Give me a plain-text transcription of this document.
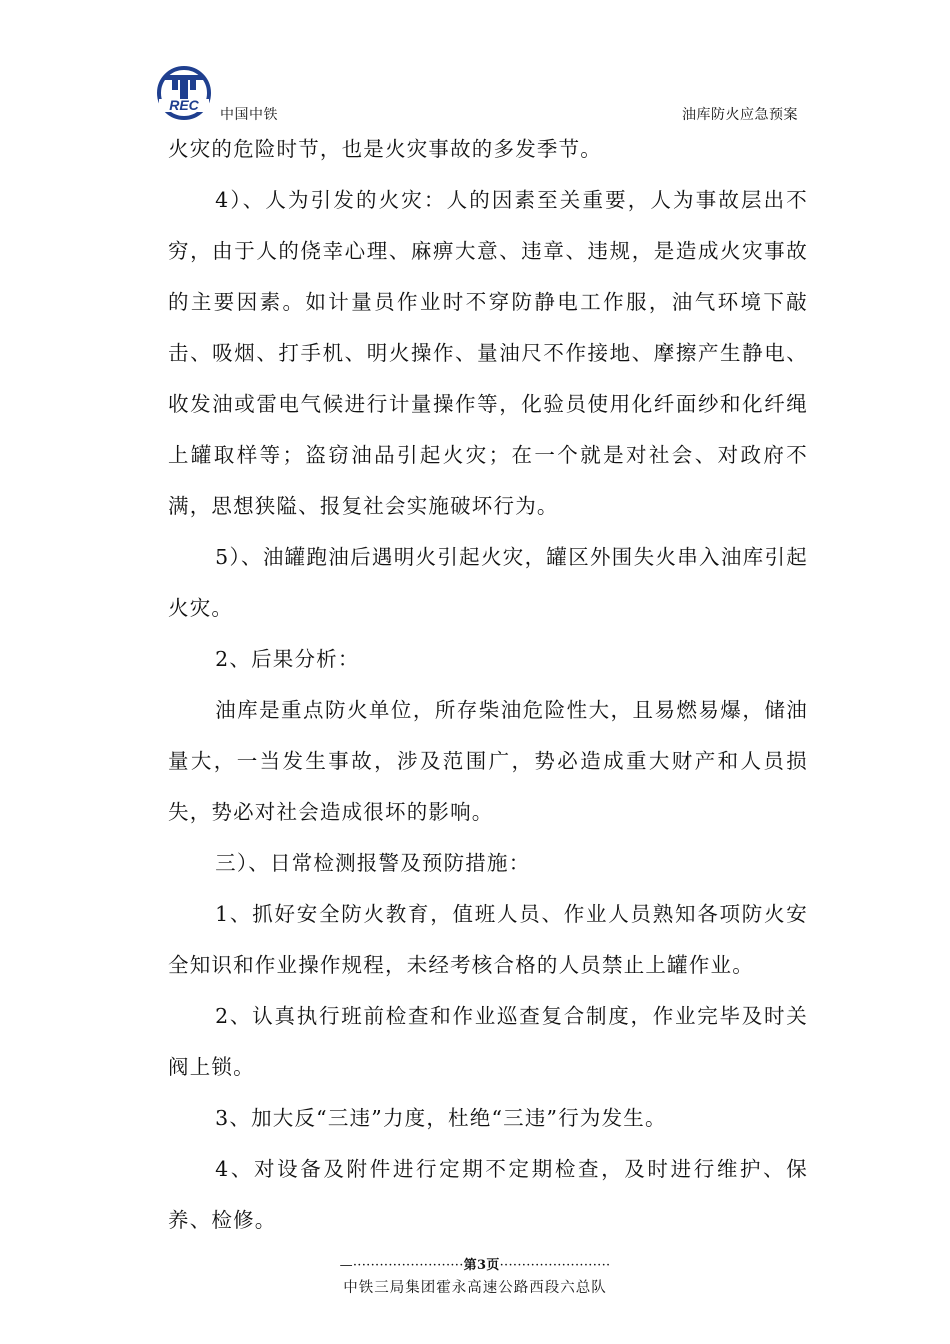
REC
中国中铁	油库防火应急预案

火灾的危险时节，也是火灾事故的多发季节。

4）、人为引发的火灾：人的因素至关重要，人为事故层出不穷，由于人的侥幸心理、麻痹大意、违章、违规，是造成火灾事故的主要因素。如计量员作业时不穿防静电工作服，油气环境下敲击、吸烟、打手机、明火操作、量油尺不作接地、摩擦产生静电、收发油或雷电气候进行计量操作等，化验员使用化纤面纱和化纤绳上罐取样等；盗窃油品引起火灾；在一个就是对社会、对政府不满，思想狭隘、报复社会实施破坏行为。

5）、油罐跑油后遇明火引起火灾，罐区外围失火串入油库引起火灾。

2、后果分析：

油库是重点防火单位，所存柴油危险性大，且易燃易爆，储油量大，一当发生事故，涉及范围广，势必造成重大财产和人员损失，势必对社会造成很坏的影响。

三）、日常检测报警及预防措施：

1、抓好安全防火教育，值班人员、作业人员熟知各项防火安全知识和作业操作规程，未经考核合格的人员禁止上罐作业。

2、认真执行班前检查和作业巡查复合制度，作业完毕及时关阀上锁。

3、加大反“三违”力度，杜绝“三违”行为发生。

4、对设备及附件进行定期不定期检查，及时进行维护、保养、检修。

—·························第3页·························
中铁三局集团霍永高速公路西段六总队
